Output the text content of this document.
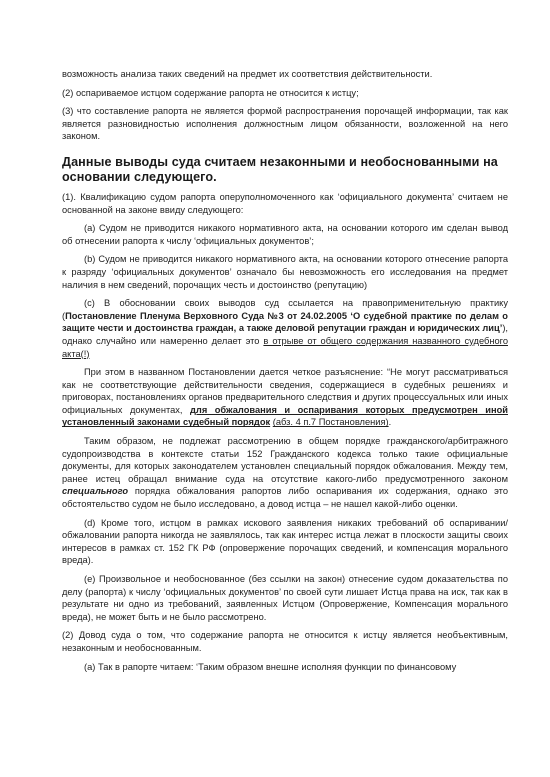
возможность анализа таких сведений на предмет их соответствия действительности.

(2) оспариваемое истцом содержание рапорта не относится к истцу;

(3) что составление рапорта не является формой распространения порочащей информации, так как является разновидностью исполнения должностным лицом обязанности, возложенной на него законом.

Данные выводы суда считаем незаконными и необоснованными на основании следующего.

(1). Квалификацию судом рапорта оперуполномоченного как ‘официального документа’ считаем не основанной на законе ввиду следующего:

(а) Судом не приводится никакого нормативного акта, на основании которого им сделан вывод об отнесении рапорта к числу ‘официальных документов’;

(b) Судом не приводится никакого нормативного акта, на основании которого отнесение рапорта к разряду ‘официальных документов’ означало бы невозможность его исследования на предмет наличия в нем сведений, порочащих честь и достоинство (репутацию)

(с) В обосновании своих выводов суд ссылается на правоприменительную практику (Постановление Пленума Верховного Суда №3 от 24.02.2005 ‘О судебной практике по делам о защите чести и достоинства граждан, а также деловой репутации граждан и юридических лиц’), однако случайно или намеренно делает это в отрыве от общего содержания названного судебного акта(!)

При этом в названном Постановлении дается четкое разъяснение: “Не могут рассматриваться как не соответствующие действительности сведения, содержащиеся в судебных решениях и приговорах, постановлениях органов предварительного следствия и других процессуальных или иных официальных документах, для обжалования и оспаривания которых предусмотрен иной установленный законами судебный порядок (абз. 4 п.7 Постановления).

Таким образом, не подлежат рассмотрению в общем порядке гражданского/арбитражного судопроизводства в контексте статьи 152 Гражданского кодекса только такие официальные документы, для которых законодателем установлен специальный порядок обжалования. Между тем, ранее истец обращал внимание суда на отсутствие какого-либо предусмотренного законом специального порядка обжалования рапортов либо оспаривания их содержания, однако это обстоятельство судом не было исследовано, а довод истца – не нашел какой-либо оценки.

(d) Кроме того, истцом в рамках искового заявления никаких требований об оспаривании/обжаловании рапорта никогда не заявлялось, так как интерес истца лежат в плоскости защиты своих интересов в рамках ст. 152 ГК РФ (опровержение порочащих сведений, и компенсация морального вреда).

(е) Произвольное и необоснованное (без ссылки на закон) отнесение судом доказательства по делу (рапорта) к числу ‘официальных документов’ по своей сути лишает Истца права на иск, так как в результате ни одно из требований, заявленных Истцом (Опровержение, Компенсация морального вреда), не может быть и не было рассмотрено.

(2) Довод суда о том, что содержание рапорта не относится к истцу является необъективным, незаконным и необоснованным.

(а) Так в рапорте читаем: ‘Таким образом внешне исполняя функции по финансовому
